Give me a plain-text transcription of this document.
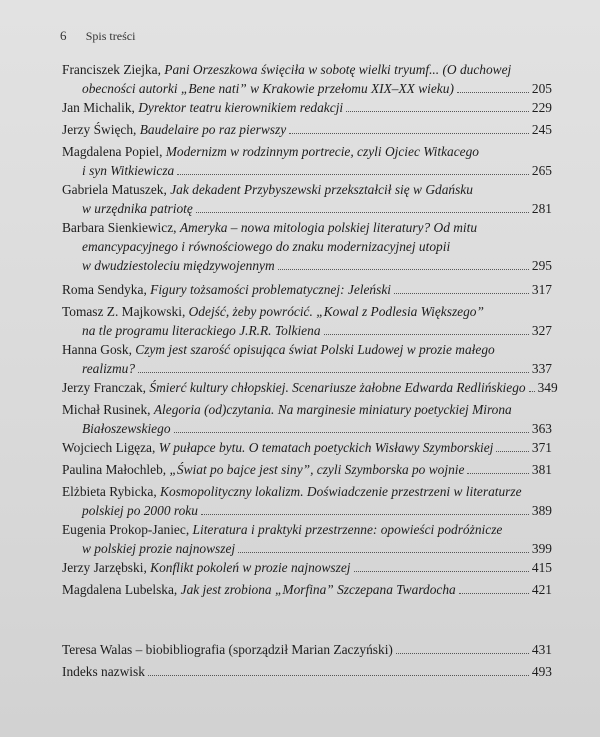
6 Spis treści
Franciszek Ziejka , Pani Orzeszkowa święciła w sobotę wielki tryumf... (O duchowej
obecności autorki „Bene nati” w Krakowie przełomu XIX–XX wieku)	205
Jan Michalik , Dyrektor teatru kierownikiem redakcji	229
Jerzy Święch , Baudelaire po raz pierwszy	245
Magdalena Popiel , Modernizm w rodzinnym portrecie, czyli Ojciec Witkacego
i syn Witkiewicza	265
Gabriela Matuszek , Jak dekadent Przybyszewski przekształcił się w Gdańsku
w urzędnika patriotę	281
Barbara Sienkiewicz , Ameryka – nowa mitologia polskiej literatury? Od mitu
emancypacyjnego i równościowego do znaku modernizacyjnej utopii
w dwudziestoleciu międzywojennym	295
Roma Sendyka , Figury tożsamości problematycznej: Jeleński	317
Tomasz Z. Majkowski , Odejść, żeby powrócić. „Kowal z Podlesia Większego”
na tle programu literackiego J.R.R. Tolkiena	327
Hanna Gosk , Czym jest szarość opisująca świat Polski Ludowej w prozie małego
realizmu?	337
Jerzy Franczak , Śmierć kultury chłopskiej. Scenariusze żałobne Edwarda Redlińskiego 349
Michał Rusinek , Alegoria (od)czytania. Na marginesie miniatury poetyckiej Mirona
Białoszewskiego	363
Wojciech Ligęza , W pułapce bytu. O tematach poetyckich Wisławy Szymborskiej	371
Paulina Małochleb , „Świat po bajce jest siny”, czyli Szymborska po wojnie	381
Elżbieta Rybicka , Kosmopolityczny lokalizm. Doświadczenie przestrzeni w literaturze
polskiej po 2000 roku	389
Eugenia Prokop-Janiec , Literatura i praktyki przestrzenne: opowieści podróżnicze
w polskiej prozie najnowszej	399
Jerzy Jarzębski , Konflikt pokoleń w prozie najnowszej	415
Magdalena Lubelska , Jak jest zrobiona „Morfina” Szczepana Twardocha	421
Teresa Walas – biobibliografia (sporządził Marian Zaczyński)	431
Indeks nazwisk	493
